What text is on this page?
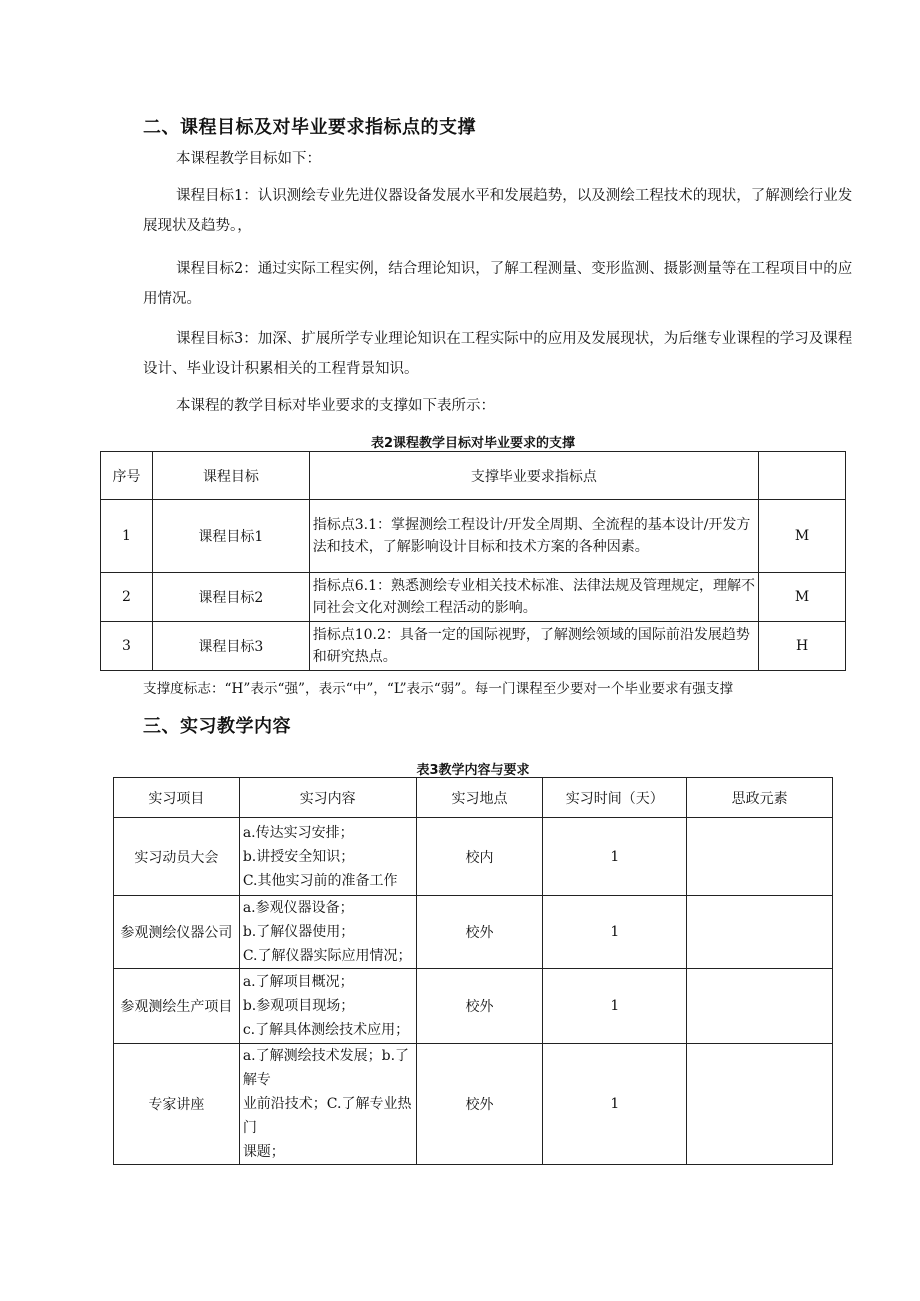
二、课程目标及对毕业要求指标点的支撑
本课程教学目标如下：
课程目标1：认识测绘专业先进仪器设备发展水平和发展趋势，以及测绘工程技术的现状，了解测绘行业发展现状及趋势。，
课程目标2：通过实际工程实例，结合理论知识，了解工程测量、变形监测、摄影测量等在工程项目中的应用情况。
课程目标3：加深、扩展所学专业理论知识在工程实际中的应用及发展现状，为后继专业课程的学习及课程设计、毕业设计积累相关的工程背景知识。
本课程的教学目标对毕业要求的支撑如下表所示：
表2课程教学目标对毕业要求的支撑
序号	课程目标	支撑毕业要求指标点	
1	课程目标1	指标点3.1：掌握测绘工程设计/开发全周期、全流程的基本设计/开发方法和技术，了解影响设计目标和技术方案的各种因素。	M
2	课程目标2	指标点6.1：熟悉测绘专业相关技术标准、法律法规及管理规定，理解不同社会文化对测绘工程活动的影响。	M
3	课程目标3	指标点10.2：具备一定的国际视野，了解测绘领域的国际前沿发展趋势和研究热点。	H
支撑度标志：“H”表示“强”，表示“中”，“L”表示“弱”。每一门课程至少要对一个毕业要求有强支撑
三、实习教学内容
表3教学内容与要求
实习项目	实习内容	实习地点	实习时间（天）	思政元素
实习动员大会	a.传达实习安排；
b.讲授安全知识；
C.其他实习前的准备工作	校内	1	
参观测绘仪器公司	a.参观仪器设备；
b.了解仪器使用；
C.了解仪器实际应用情况；	校外	1	
参观测绘生产项目	a.了解项目概况；
b.参观项目现场；
c.了解具体测绘技术应用；	校外	1	
专家讲座	a.了解测绘技术发展；b.了解专
业前沿技术；C.了解专业热门
课题；	校外	1	
